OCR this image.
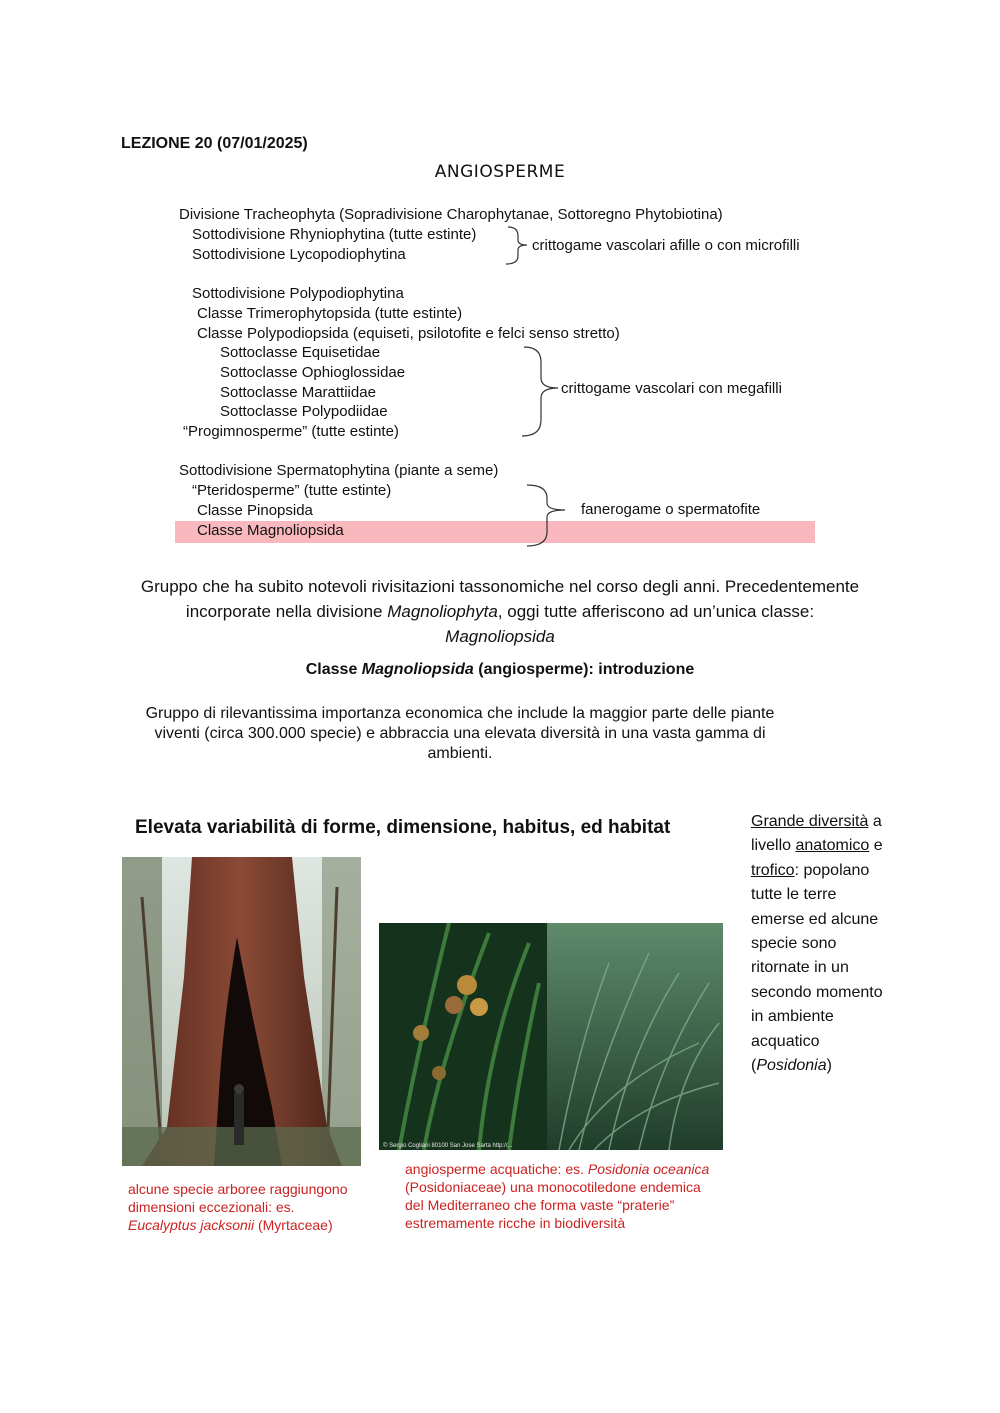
LEZIONE 20 (07/01/2025)
ANGIOSPERME
Divisione Tracheophyta (Sopradivisione Charophytanae, Sottoregno Phytobiotina)
Sottodivisione Rhyniophytina (tutte estinte)
Sottodivisione Lycopodiophytina
crittogame vascolari afille o con microfilli
Sottodivisione Polypodiophytina
Classe Trimerophytopsida (tutte estinte)
Classe Polypodiopsida (equiseti, psilotofite e felci senso stretto)
Sottoclasse Equisetidae
Sottoclasse Ophioglossidae
Sottoclasse Marattiidae
Sottoclasse Polypodiidae
“Progimnosperme” (tutte estinte)
crittogame vascolari con megafilli
Sottodivisione Spermatophytina (piante a seme)
“Pteridosperme” (tutte estinte)
Classe Pinopsida
Classe Magnoliopsida
fanerogame o spermatofite
Gruppo che ha subito notevoli rivisitazioni tassonomiche nel corso degli anni. Precedentemente incorporate nella divisione Magnoliophyta, oggi tutte afferiscono ad un’unica classe: Magnoliopsida
Classe Magnoliopsida (angiosperme): introduzione
Gruppo di rilevantissima importanza economica che include la maggior parte delle piante viventi (circa 300.000 specie) e abbraccia una elevata diversità in una vasta gamma di ambienti.
Elevata variabilità di forme, dimensione, habitus, ed habitat
© Sergio Cogliani 80100 San Jose Sarta http://...
alcune specie arboree raggiungono dimensioni eccezionali: es. Eucalyptus jacksonii (Myrtaceae)
angiosperme acquatiche: es. Posidonia oceanica (Posidoniaceae) una monocotiledone endemica del Mediterraneo che forma vaste “praterie” estremamente ricche in biodiversità
Grande diversità a livello anatomico e trofico: popolano tutte le terre emerse ed alcune specie sono ritornate in un secondo momento in ambiente acquatico (Posidonia)
